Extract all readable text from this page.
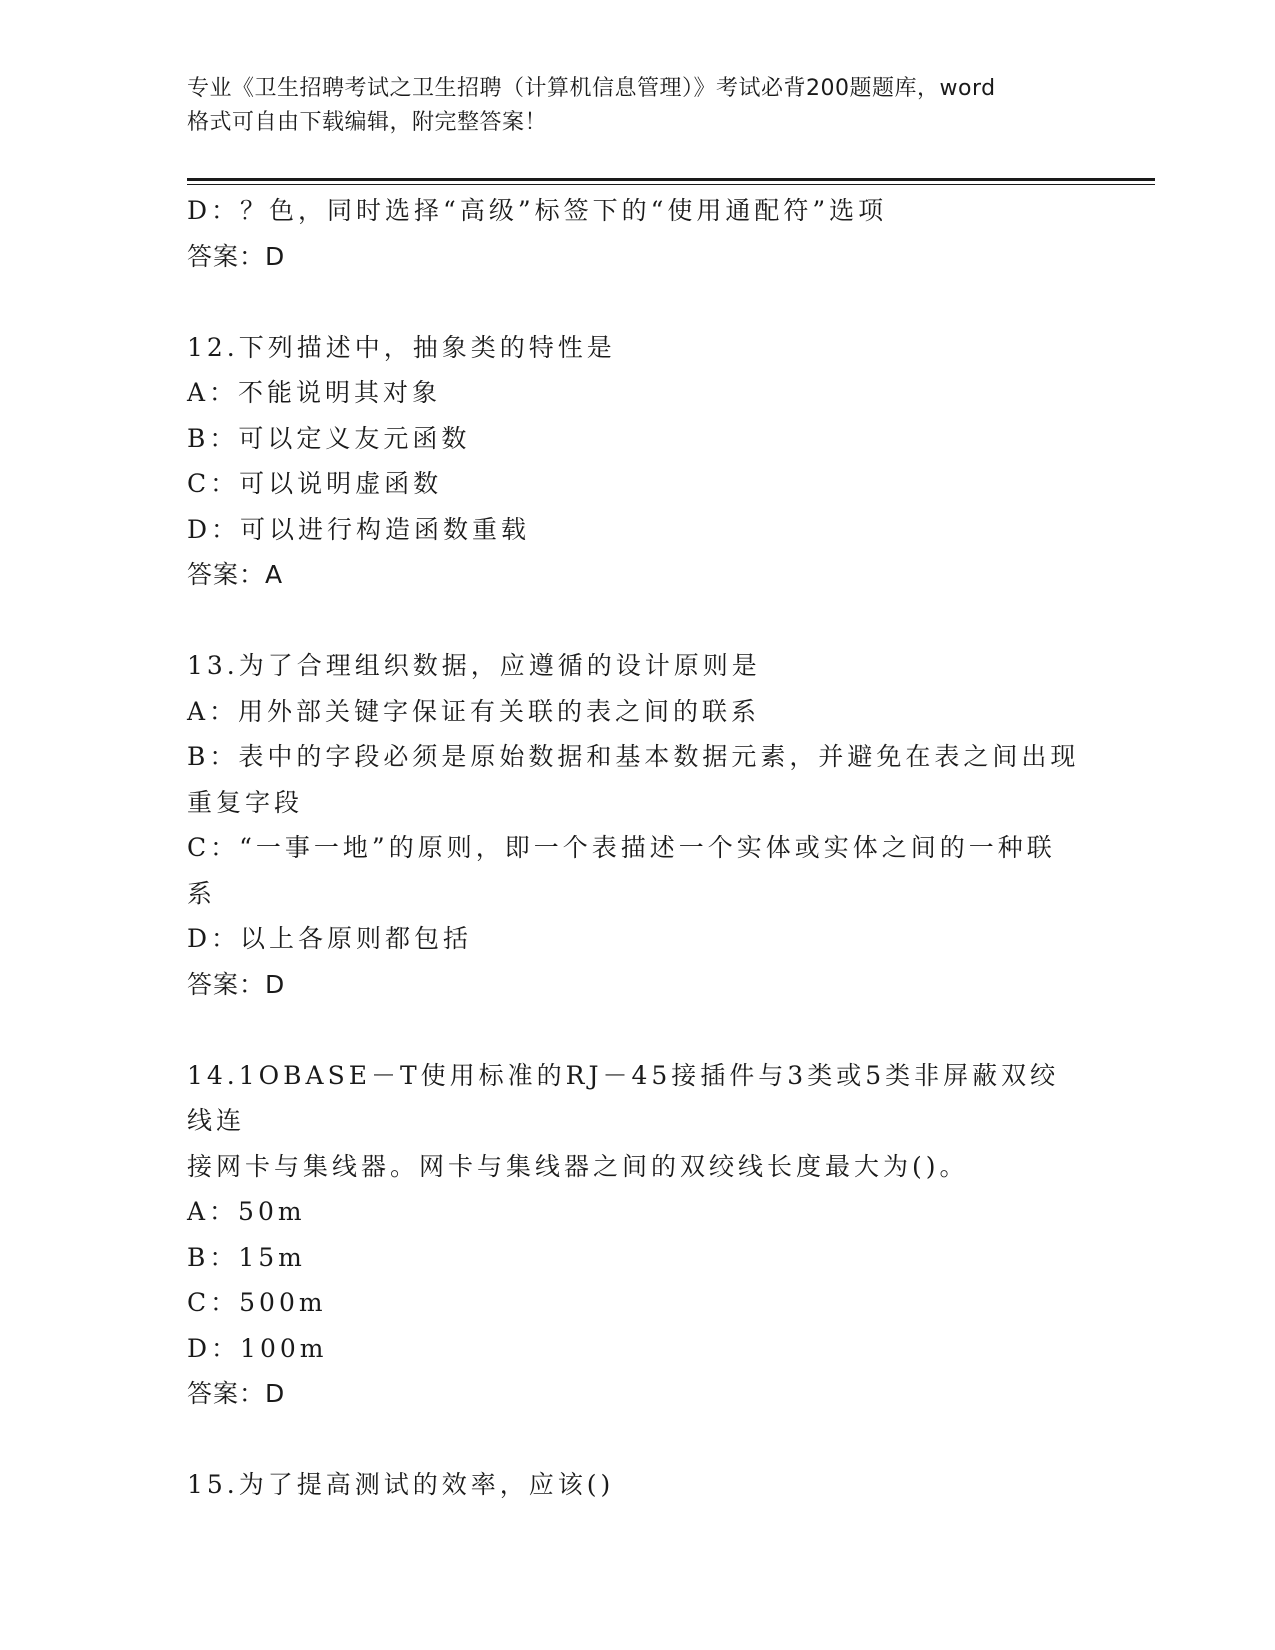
专业《卫生招聘考试之卫生招聘（计算机信息管理）》考试必背200题题库，word
格式可自由下载编辑，附完整答案！
D：？色，同时选择“高级”标签下的“使用通配符”选项
答案：D
12.下列描述中，抽象类的特性是
A：不能说明其对象
B：可以定义友元函数
C：可以说明虚函数
D：可以进行构造函数重载
答案：A
13.为了合理组织数据，应遵循的设计原则是
A：用外部关键字保证有关联的表之间的联系
B：表中的字段必须是原始数据和基本数据元素，并避免在表之间出现
重复字段
C：“一事一地”的原则，即一个表描述一个实体或实体之间的一种联
系
D：以上各原则都包括
答案：D
14.1OBASE－T使用标准的RJ－45接插件与3类或5类非屏蔽双绞线连
接网卡与集线器。网卡与集线器之间的双绞线长度最大为()。
A：50m
B：15m
C：500m
D：100m
答案：D
15.为了提高测试的效率，应该()
